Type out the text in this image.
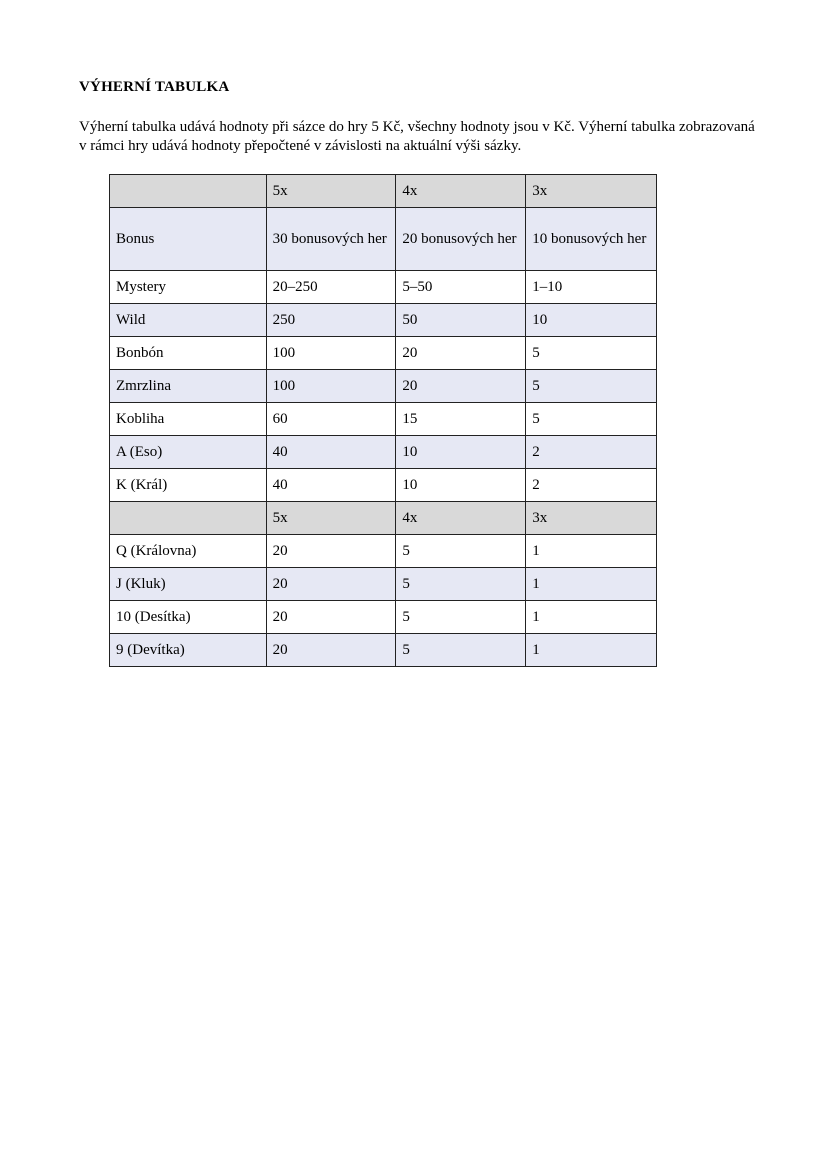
VÝHERNÍ TABULKA
Výherní tabulka udává hodnoty při sázce do hry 5 Kč, všechny hodnoty jsou v Kč. Výherní tabulka zobrazovaná v rámci hry udává hodnoty přepočtené v závislosti na aktuální výši sázky.
	5x	4x	3x
Bonus	30 bonusových her	20 bonusových her	10 bonusových her
Mystery	20–250	5–50	1–10
Wild	250	50	10
Bonbón	100	20	5
Zmrzlina	100	20	5
Kobliha	60	15	5
A (Eso)	40	10	2
K (Král)	40	10	2
	5x	4x	3x
Q (Královna)	20	5	1
J (Kluk)	20	5	1
10 (Desítka)	20	5	1
9 (Devítka)	20	5	1
